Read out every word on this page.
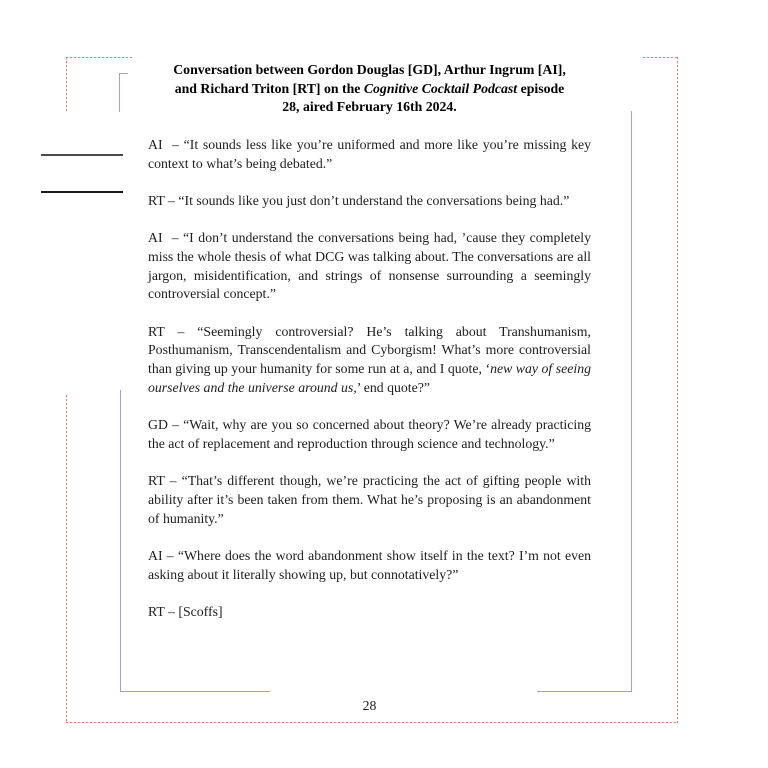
Conversation between Gordon Douglas [GD], Arthur Ingrum [AI],
and Richard Triton [RT] on the Cognitive Cocktail Podcast episode
28, aired February 16th 2024.

AI  – “It sounds less like you’re uniformed and more like you’re missing key context to what’s being debated.”

RT – “It sounds like you just don’t understand the conversations being had.”

AI  – “I don’t understand the conversations being had, ’cause they completely miss the whole thesis of what DCG was talking about. The conversations are all jargon, misidentification, and strings of nonsense surrounding a seemingly controversial concept.”

RT – “Seemingly controversial? He’s talking about Transhumanism, Posthumanism, Transcendentalism and Cyborgism! What’s more controversial than giving up your humanity for some run at a, and I quote, ‘new way of seeing ourselves and the universe around us,’ end quote?”

GD – “Wait, why are you so concerned about theory? We’re already practicing the act of replacement and reproduction through science and technology.”

RT – “That’s different though, we’re practicing the act of gifting people with ability after it’s been taken from them. What he’s proposing is an abandonment of humanity.”

AI – “Where does the word abandonment show itself in the text? I’m not even asking about it literally showing up, but connotatively?”

RT – [Scoffs]

28
